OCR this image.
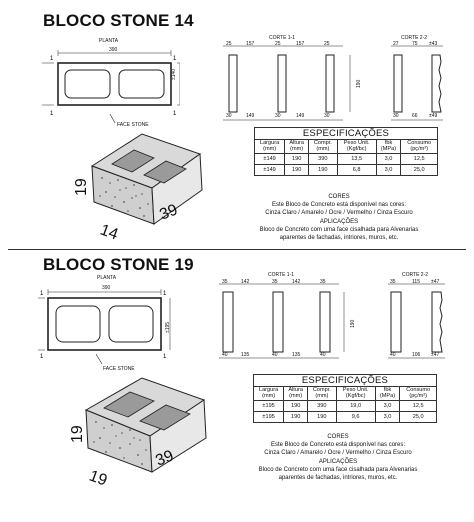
BLOCO STONE 14
PLANTA
1	1
1	1
390
±140
FACE STONE
CORTE 1-1
25	157	25	157	25
30	149	30	149	30
190
CORTE 2-2
27	75 ±43
30	66 ±49
19
14
39
ESPECIFICAÇÕES
Largura
(mm)	Altura
(mm)	Compr.
(mm)	Peso Unit.
(Kgf/bc)	fbk
(MPa)	Consumo
(pç/m²)
±149	190	390	13,5	3,0	12,5
±149	190	190	6,8	3,0	25,0
CORES
Este Bloco de Concreto está disponível nas cores:
Cinza Claro / Amarelo / Ocre / Vermelho / Cinza Escuro
APLICAÇÕES
Bloco de Concreto com uma face cisalhada para Alvenarias
aparentes de fachadas, intriores, muros, etc.
BLOCO STONE 19
PLANTA
1	1
1	1
390
±195
FACE STONE
CORTE 1-1
35	142	35	142	35
40	135	40	135	40
190
CORTE 2-2
35	115 ±47
40	106 ±47
19
19
39
ESPECIFICAÇÕES
Largura
(mm)	Altura
(mm)	Compr.
(mm)	Peso Unit.
(Kgf/bc)	fbk
(MPa)	Consumo
(pç/m²)
±195	190	390	19,0	3,0	12,5
±195	190	190	9,6	3,0	25,0
CORES
Este Bloco de Concreto está disponível nas cores:
Cinza Claro / Amarelo / Ocre / Vermelho / Cinza Escuro
APLICAÇÕES
Bloco de Concreto com uma face cisalhada para Alvenarias
aparentes de fachadas, intriores, muros, etc.
